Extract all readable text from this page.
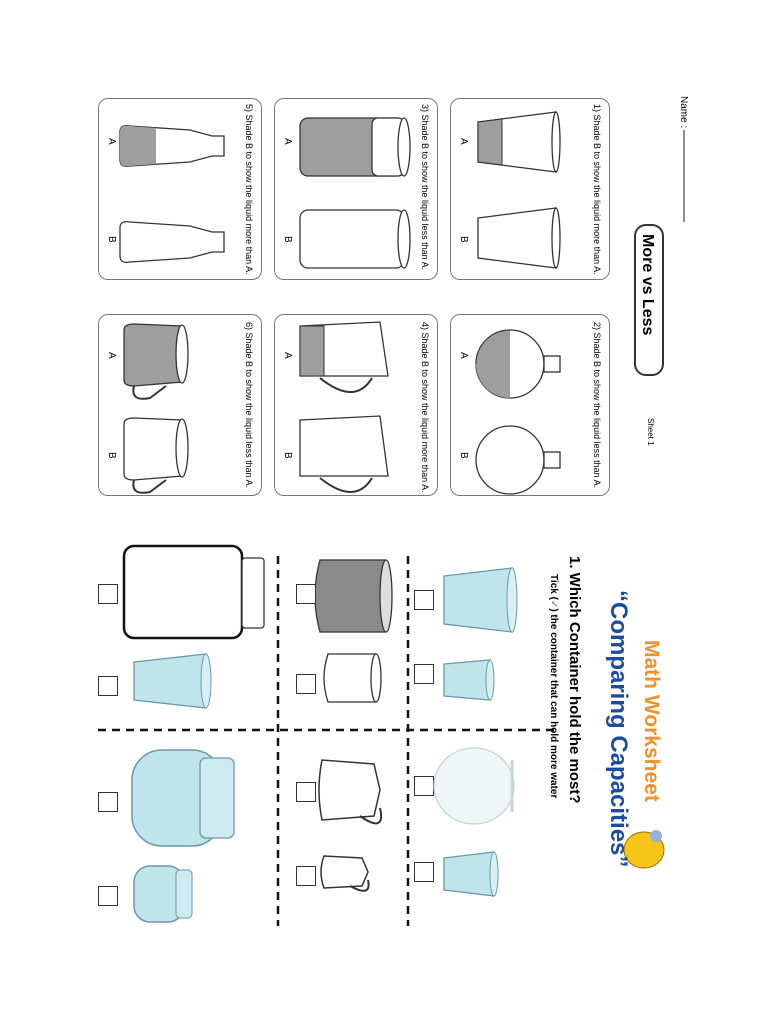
Name :
More vs Less
Sheet 1
1) Shade B to show the liquid more than A.
2) Shade B to show the liquid less than A.
3) Shade B to show the liquid less than A.
4) Shade B to show the liquid more than A.
5) Shade B to show the liquid more than A.
6) Shade B to show the liquid less than A.
A
B
A
B
A
B
A
B
A
B
A
B
Math Worksheet
“Comparing Capacities”
1. Which Container hold the most?
Tick (✓) the container that can hold more water
